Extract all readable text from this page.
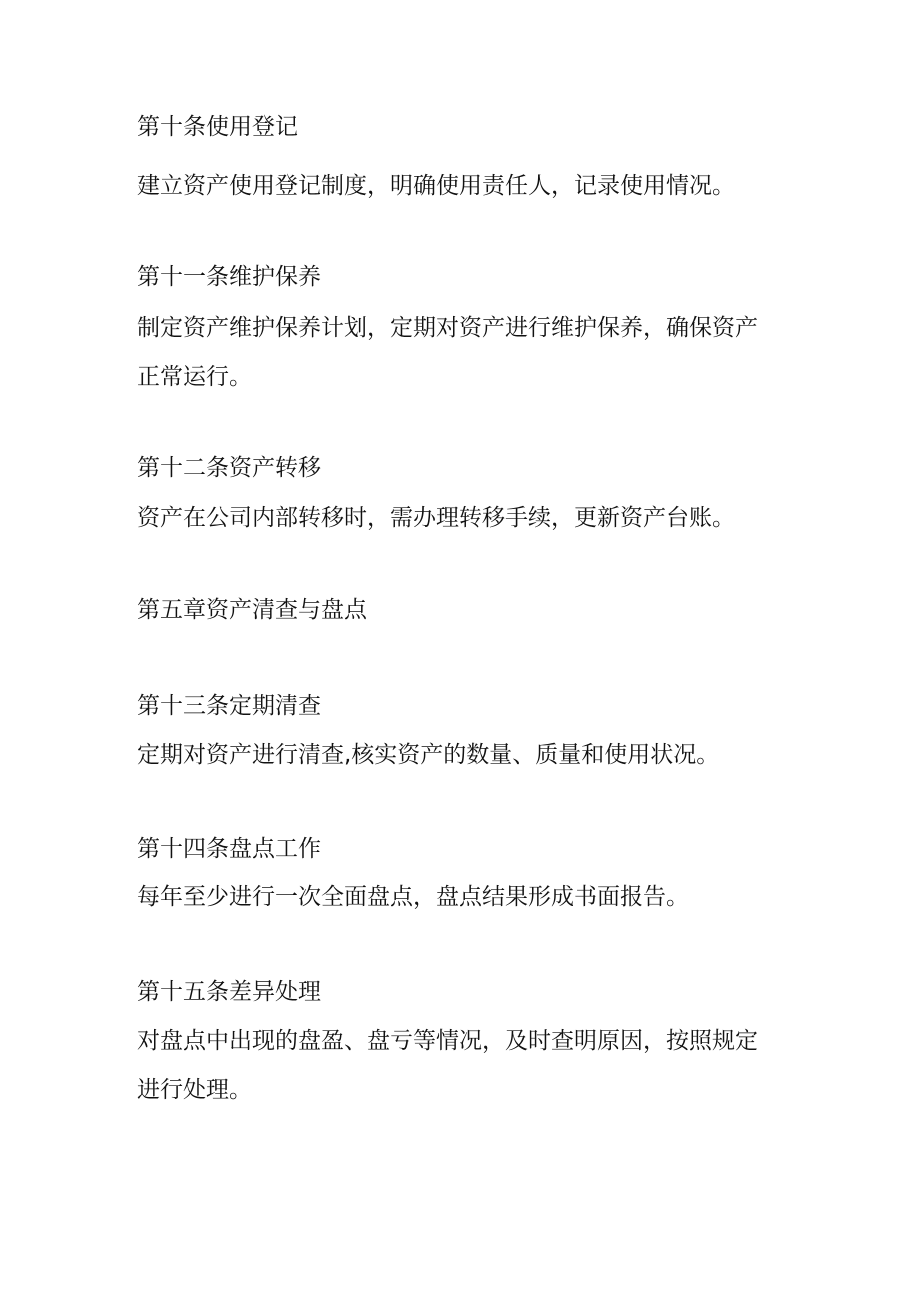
第十条使用登记
建立资产使用登记制度，明确使用责任人，记录使用情况。
第十一条维护保养
制定资产维护保养计划，定期对资产进行维护保养，确保资产
正常运行。
第十二条资产转移
资产在公司内部转移时，需办理转移手续，更新资产台账。
第五章资产清查与盘点
第十三条定期清查
定期对资产进行清查,核实资产的数量、质量和使用状况。
第十四条盘点工作
每年至少进行一次全面盘点，盘点结果形成书面报告。
第十五条差异处理
对盘点中出现的盘盈、盘亏等情况，及时查明原因，按照规定
进行处理。
